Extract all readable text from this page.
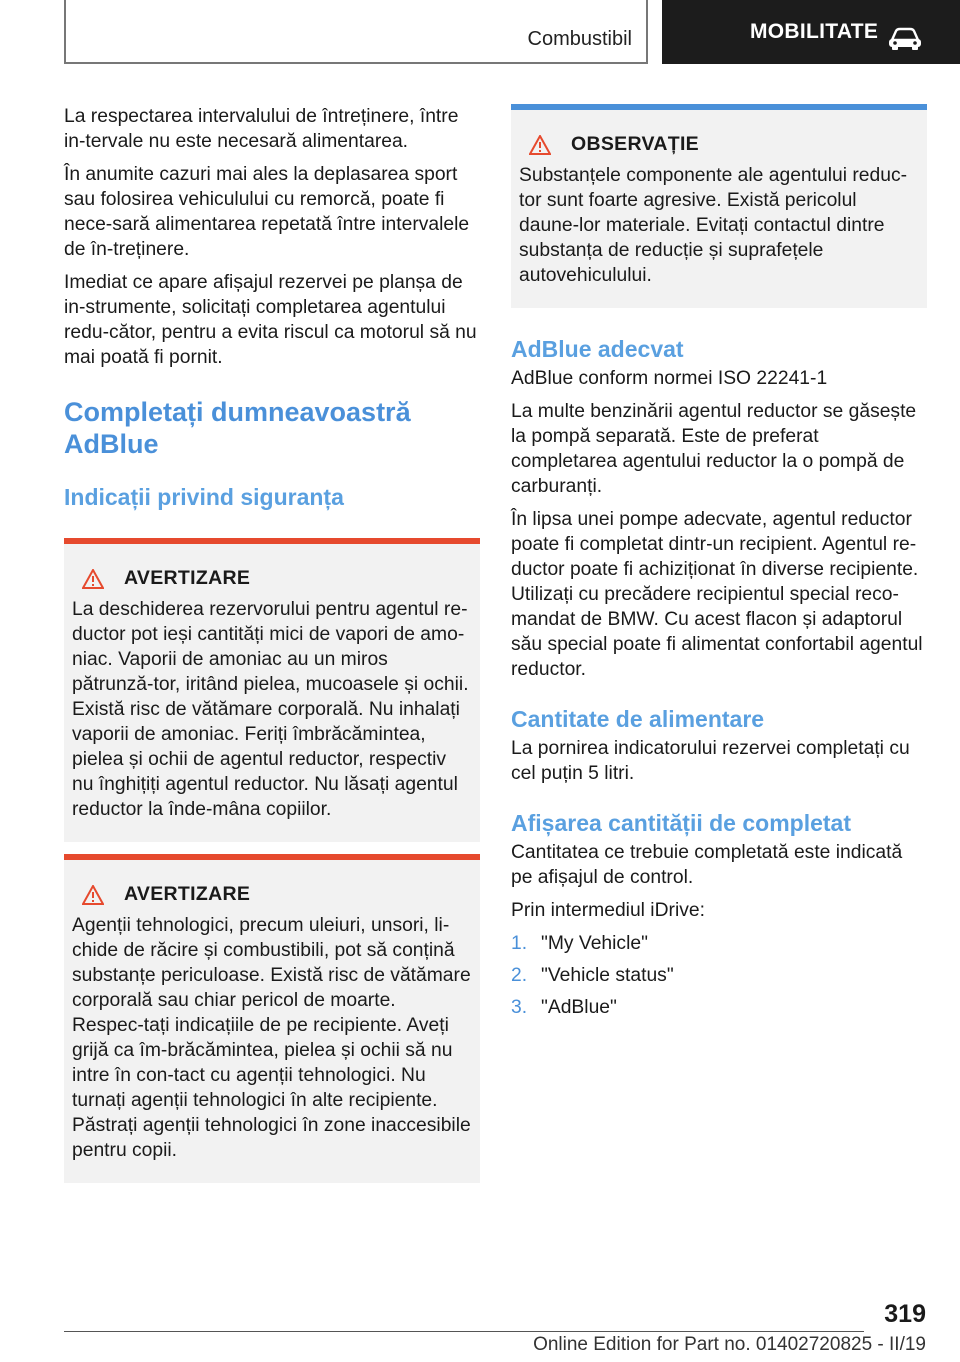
Combustibil	MOBILITATE

La respectarea intervalului de întreținere, între in-tervale nu este necesară alimentarea.

În anumite cazuri mai ales la deplasarea sport sau folosirea vehiculului cu remorcă, poate fi nece-sară alimentarea repetată între intervalele de în-treținere.

Imediat ce apare afișajul rezervei pe planșa de in-strumente, solicitați completarea agentului redu-cător, pentru a evita riscul ca motorul să nu mai poată fi pornit.

Completați dumneavoastră AdBlue
Indicații privind siguranța
AVERTIZARE

La deschiderea rezervorului pentru agentul re-ductor pot ieși cantități mici de vapori de amo-niac. Vaporii de amoniac au un miros pătrunză-tor, iritând pielea, mucoasele și ochii. Există risc de vătămare corporală. Nu inhalați vaporii de amoniac. Feriți îmbrăcămintea, pielea și ochii de agentul reductor, respectiv nu înghițiți agentul reductor. Nu lăsați agentul reductor la înde-mâna copiilor.

AVERTIZARE

Agenții tehnologici, precum uleiuri, unsori, li-chide de răcire și combustibili, pot să conțină substanțe periculoase. Există risc de vătămare corporală sau chiar pericol de moarte. Respec-tați indicațiile de pe recipiente. Aveți grijă ca îm-brăcămintea, pielea și ochii să nu intre în con-tact cu agenții tehnologici. Nu turnați agenții tehnologici în alte recipiente. Păstrați agenții tehnologici în zone inaccesibile pentru copii.

OBSERVAȚIE

Substanțele componente ale agentului reduc-tor sunt foarte agresive. Există pericolul daune-lor materiale. Evitați contactul dintre substanța de reducție și suprafețele autovehiculului.

AdBlue adecvat

AdBlue conform normei ISO 22241-1

La multe benzinării agentul reductor se găsește la pompă separată. Este de preferat completarea agentului reductor la o pompă de carburanți.

În lipsa unei pompe adecvate, agentul reductor poate fi completat dintr-un recipient. Agentul re-ductor poate fi achiziționat în diverse recipiente. Utilizați cu precădere recipientul special reco-mandat de BMW. Cu acest flacon și adaptorul său special poate fi alimentat confortabil agentul reductor.

Cantitate de alimentare

La pornirea indicatorului rezervei completați cu cel puțin 5 litri.

Afișarea cantității de completat

Cantitatea ce trebuie completată este indicată pe afișajul de control.

Prin intermediul iDrive:

1. "My Vehicle"
2. "Vehicle status"
3. "AdBlue"
319
Online Edition for Part no. 01402720825 - II/19
